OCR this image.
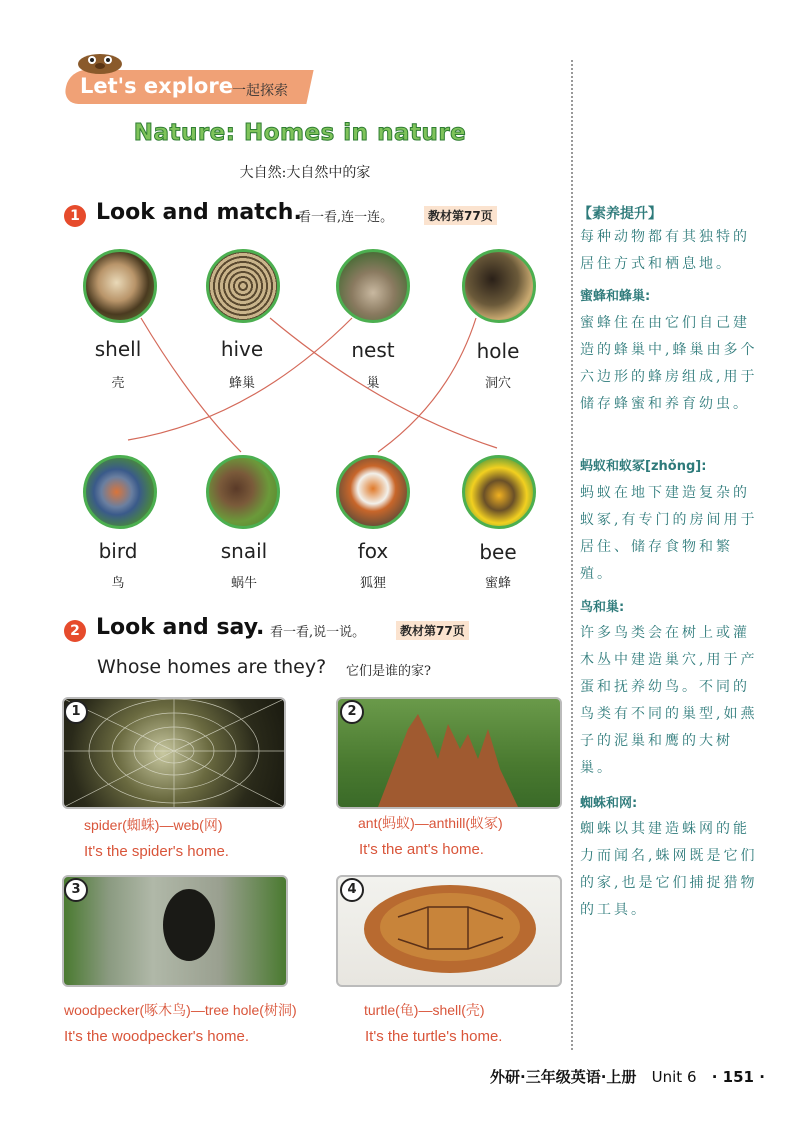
Let's explore 一起探索
Nature: Homes in nature
大自然:大自然中的家
1 Look and match.
看一看,连一连。	教材第77页
shell	hive	nest	hole
壳	蜂巢	巢	洞穴
bird	snail	fox	bee
鸟	蜗牛	狐狸	蜜蜂
2 Look and say. 看一看,说一说。	教材第77页
Whose homes are they? 它们是谁的家?
1	2
spider(蜘蛛)—web(网)
It's the spider's home.
ant(蚂蚁)—anthill(蚁冢)
It's the ant's home.
3	4
woodpecker(啄木鸟)—tree hole(树洞)
It's the woodpecker's home.
turtle(龟)—shell(壳)
It's the turtle's home.
【素养提升】
每种动物都有其独特的居住方式和栖息地。
蜜蜂和蜂巢:
蜜蜂住在由它们自己建造的蜂巢中,蜂巢由多个六边形的蜂房组成,用于储存蜂蜜和养育幼虫。
蚂蚁和蚁冢[zhǒng]:
蚂蚁在地下建造复杂的蚁冢,有专门的房间用于居住、储存食物和繁殖。
鸟和巢:
许多鸟类会在树上或灌木丛中建造巢穴,用于产蛋和抚养幼鸟。不同的鸟类有不同的巢型,如燕子的泥巢和鹰的大树巢。
蜘蛛和网:
蜘蛛以其建造蛛网的能力而闻名,蛛网既是它们的家,也是它们捕捉猎物的工具。
外研·三年级英语·上册 Unit 6 · 151 ·
